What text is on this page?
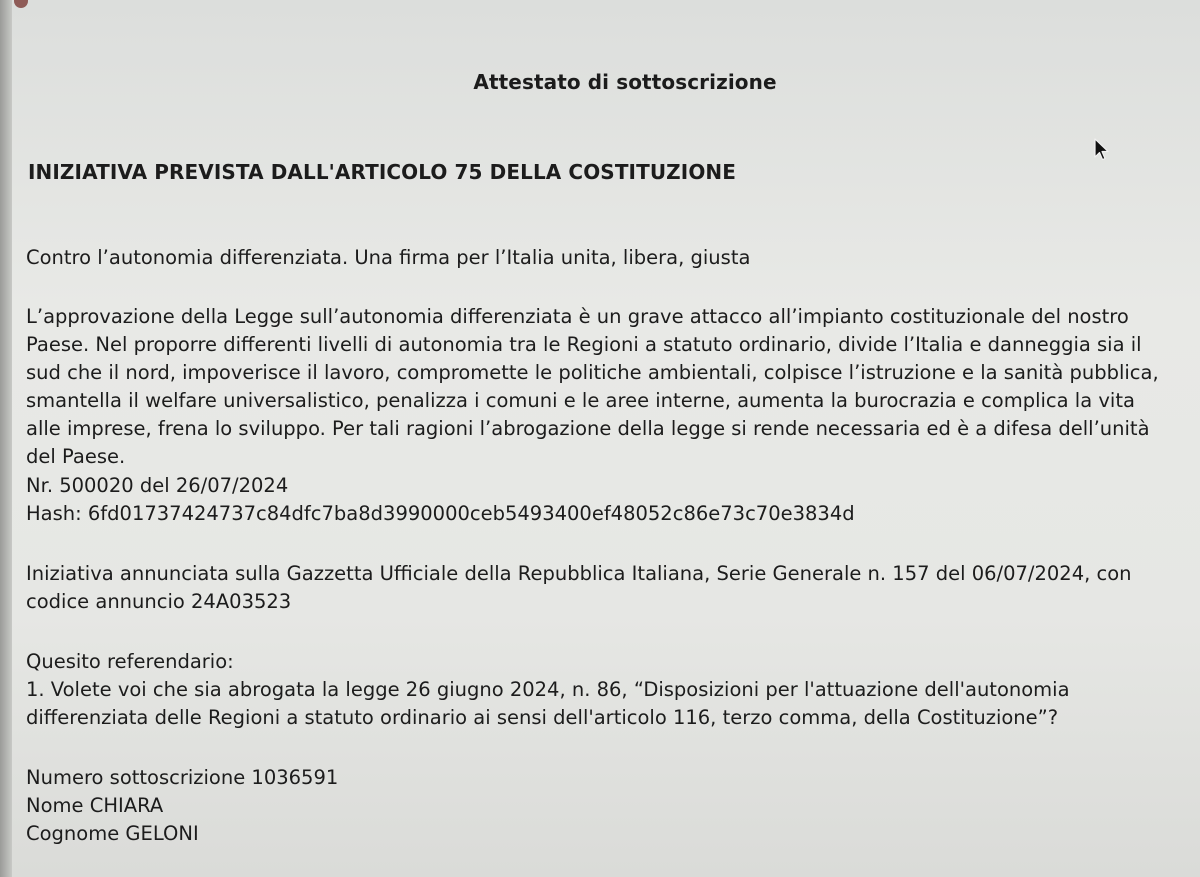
Attestato di sottoscrizione
INIZIATIVA PREVISTA DALL'ARTICOLO 75 DELLA COSTITUZIONE

Contro l’autonomia differenziata. Una firma per l’Italia unita, libera, giusta

L’approvazione della Legge sull’autonomia differenziata è un grave attacco all’impianto costituzionale del nostro

Paese. Nel proporre differenti livelli di autonomia tra le Regioni a statuto ordinario, divide l’Italia e danneggia sia il

sud che il nord, impoverisce il lavoro, compromette le politiche ambientali, colpisce l’istruzione e la sanità pubblica,

smantella il welfare universalistico, penalizza i comuni e le aree interne, aumenta la burocrazia e complica la vita

alle imprese, frena lo sviluppo. Per tali ragioni l’abrogazione della legge si rende necessaria ed è a difesa dell’unità

del Paese.

Nr. 500020 del 26/07/2024

Hash: 6fd01737424737c84dfc7ba8d3990000ceb5493400ef48052c86e73c70e3834d

Iniziativa annunciata sulla Gazzetta Ufficiale della Repubblica Italiana, Serie Generale n. 157 del 06/07/2024, con

codice annuncio 24A03523

Quesito referendario:

1. Volete voi che sia abrogata la legge 26 giugno 2024, n. 86, “Disposizioni per l'attuazione dell'autonomia

differenziata delle Regioni a statuto ordinario ai sensi dell'articolo 116, terzo comma, della Costituzione”?

Numero sottoscrizione 1036591

Nome CHIARA

Cognome GELONI
